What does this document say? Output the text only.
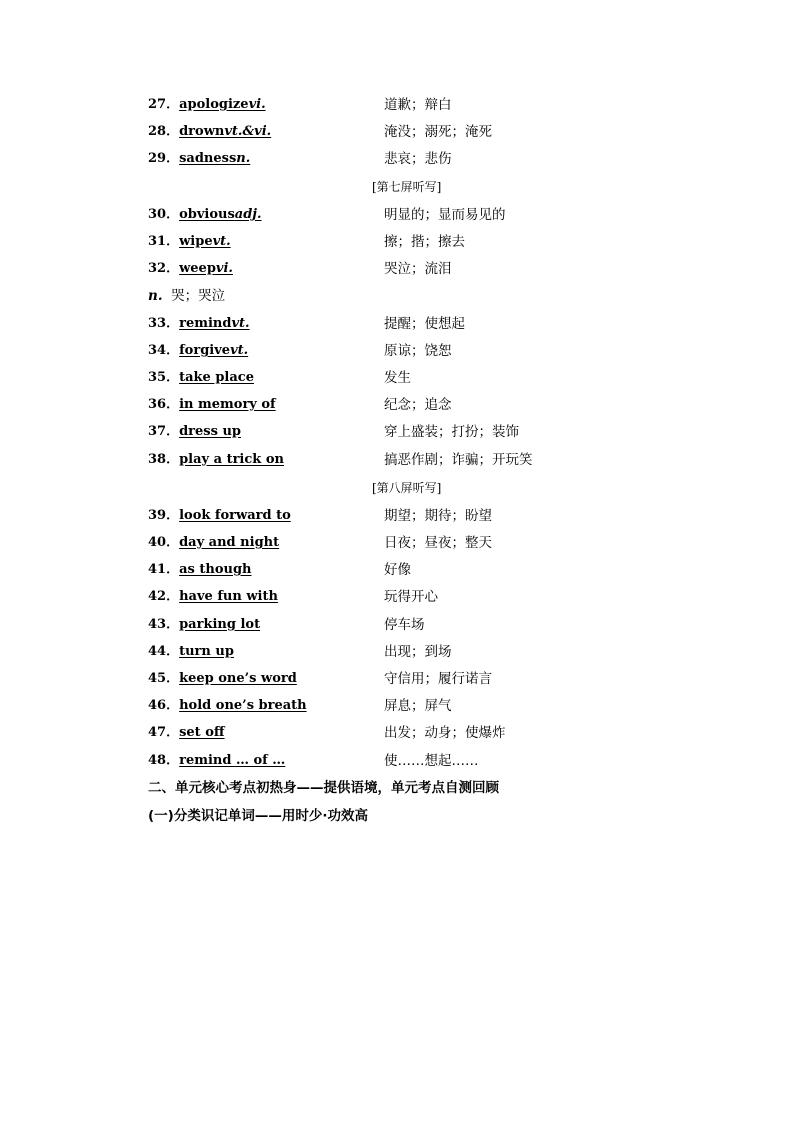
27．apologizevi.	道歉；辩白
28．drownvt.&vi.	淹没；溺死；淹死
29．sadnessn.	悲哀；悲伤
[第七屏听写]
30．obviousadj.	明显的；显而易见的
31．wipevt.	擦；揩；擦去
32．weepvi.	哭泣；流泪
n. 哭；哭泣
33．remindvt.	提醒；使想起
34．forgivevt.	原谅；饶恕
35．take place	发生
36．in memory of	纪念；追念
37．dress up	穿上盛装；打扮；装饰
38．play a trick on	搞恶作剧；诈骗；开玩笑
[第八屏听写]
39．look forward to	期望；期待；盼望
40．day and night	日夜；昼夜；整天
41．as though	好像
42．have fun with	玩得开心
43．parking lot	停车场
44．turn up	出现；到场
45．keep one’s word	守信用；履行诺言
46．hold one’s breath	屏息；屏气
47．set off	出发；动身；使爆炸
48．remind … of …	使……想起……
二、单元核心考点初热身——提供语境，单元考点自测回顾
(一)分类识记单词——用时少·功效高
